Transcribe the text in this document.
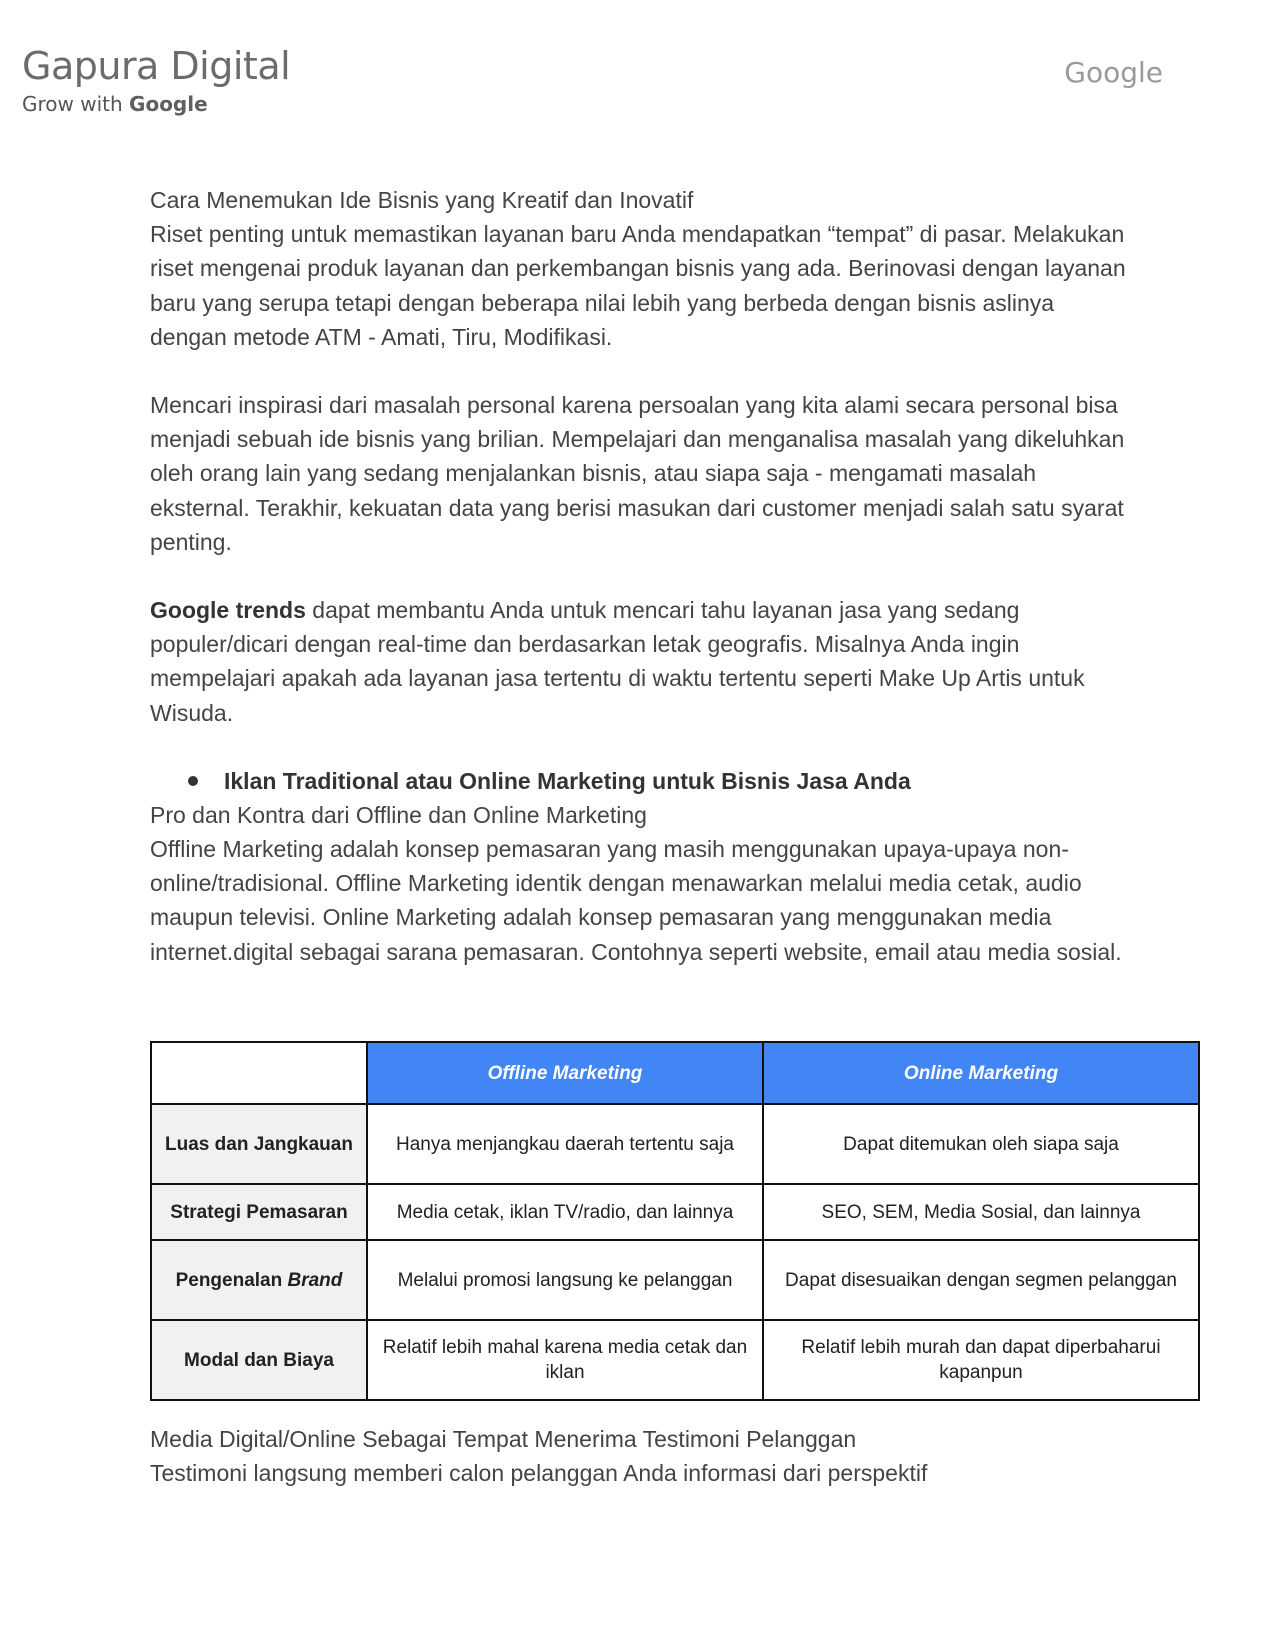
Gapura Digital
Grow with Google
Google

Cara Menemukan Ide Bisnis yang Kreatif dan Inovatif

Riset penting untuk memastikan layanan baru Anda mendapatkan “tempat” di pasar. Melakukan riset mengenai produk layanan dan perkembangan bisnis yang ada. Berinovasi dengan layanan baru yang serupa tetapi dengan beberapa nilai lebih yang berbeda dengan bisnis aslinya dengan metode ATM - Amati, Tiru, Modifikasi.

Mencari inspirasi dari masalah personal karena persoalan yang kita alami secara personal bisa menjadi sebuah ide bisnis yang brilian. Mempelajari dan menganalisa masalah yang dikeluhkan oleh orang lain yang sedang menjalankan bisnis, atau siapa saja - mengamati masalah eksternal. Terakhir, kekuatan data yang berisi masukan dari customer menjadi salah satu syarat penting.

Google trends dapat membantu Anda untuk mencari tahu layanan jasa yang sedang populer/dicari dengan real-time dan berdasarkan letak geografis. Misalnya Anda ingin mempelajari apakah ada layanan jasa tertentu di waktu tertentu seperti Make Up Artis untuk Wisuda.

Iklan Traditional atau Online Marketing untuk Bisnis Jasa Anda

Pro dan Kontra dari Offline dan Online Marketing

Offline Marketing adalah konsep pemasaran yang masih menggunakan upaya-upaya non-online/tradisional. Offline Marketing identik dengan menawarkan melalui media cetak, audio maupun televisi. Online Marketing adalah konsep pemasaran yang menggunakan media internet.digital sebagai sarana pemasaran. Contohnya seperti website, email atau media sosial.

	Offline Marketing	Online Marketing
Luas dan Jangkauan	Hanya menjangkau daerah tertentu saja	Dapat ditemukan oleh siapa saja
Strategi Pemasaran	Media cetak, iklan TV/radio, dan lainnya	SEO, SEM, Media Sosial, dan lainnya
Pengenalan Brand	Melalui promosi langsung ke pelanggan	Dapat disesuaikan dengan segmen pelanggan
Modal dan Biaya	Relatif lebih mahal karena media cetak dan iklan	Relatif lebih murah dan dapat diperbaharui kapanpun

Media Digital/Online Sebagai Tempat Menerima Testimoni Pelanggan

Testimoni langsung memberi calon pelanggan Anda informasi dari perspektif
